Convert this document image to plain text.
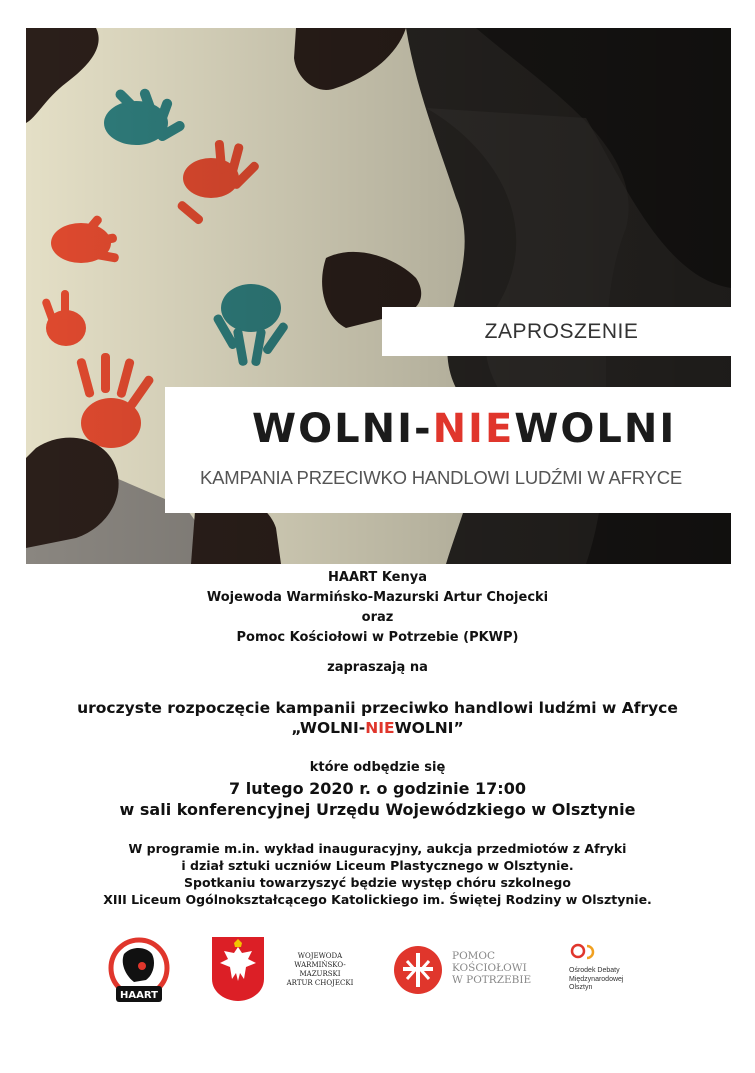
ZAPROSZENIE
WOLNI-NIEWOLNI
KAMPANIA PRZECIWKO HANDLOWI LUDŹMI W AFRYCE
HAART Kenya
Wojewoda Warmińsko-Mazurski Artur Chojecki
oraz
Pomoc Kościołowi w Potrzebie (PKWP)
zapraszają na
uroczyste rozpoczęcie kampanii przeciwko handlowi ludźmi w Afryce
„WOLNI-NIEWOLNI”
które odbędzie się
7 lutego 2020 r. o godzinie 17:00
w sali konferencyjnej Urzędu Wojewódzkiego w Olsztynie
W programie m.in. wykład inauguracyjny, aukcja przedmiotów z Afryki
i dział sztuki uczniów Liceum Plastycznego w Olsztynie.
Spotkaniu towarzyszyć będzie występ chóru szkolnego
XIII Liceum Ogólnokształcącego Katolickiego im. Świętej Rodziny w Olsztynie.
HAART
WOJEWODA
WARMIŃSKO-MAZURSKI
ARTUR CHOJECKI
POMOC
KOŚCIOŁOWI
W POTRZEBIE
Ośrodek Debaty
Międzynarodowej
Olsztyn
